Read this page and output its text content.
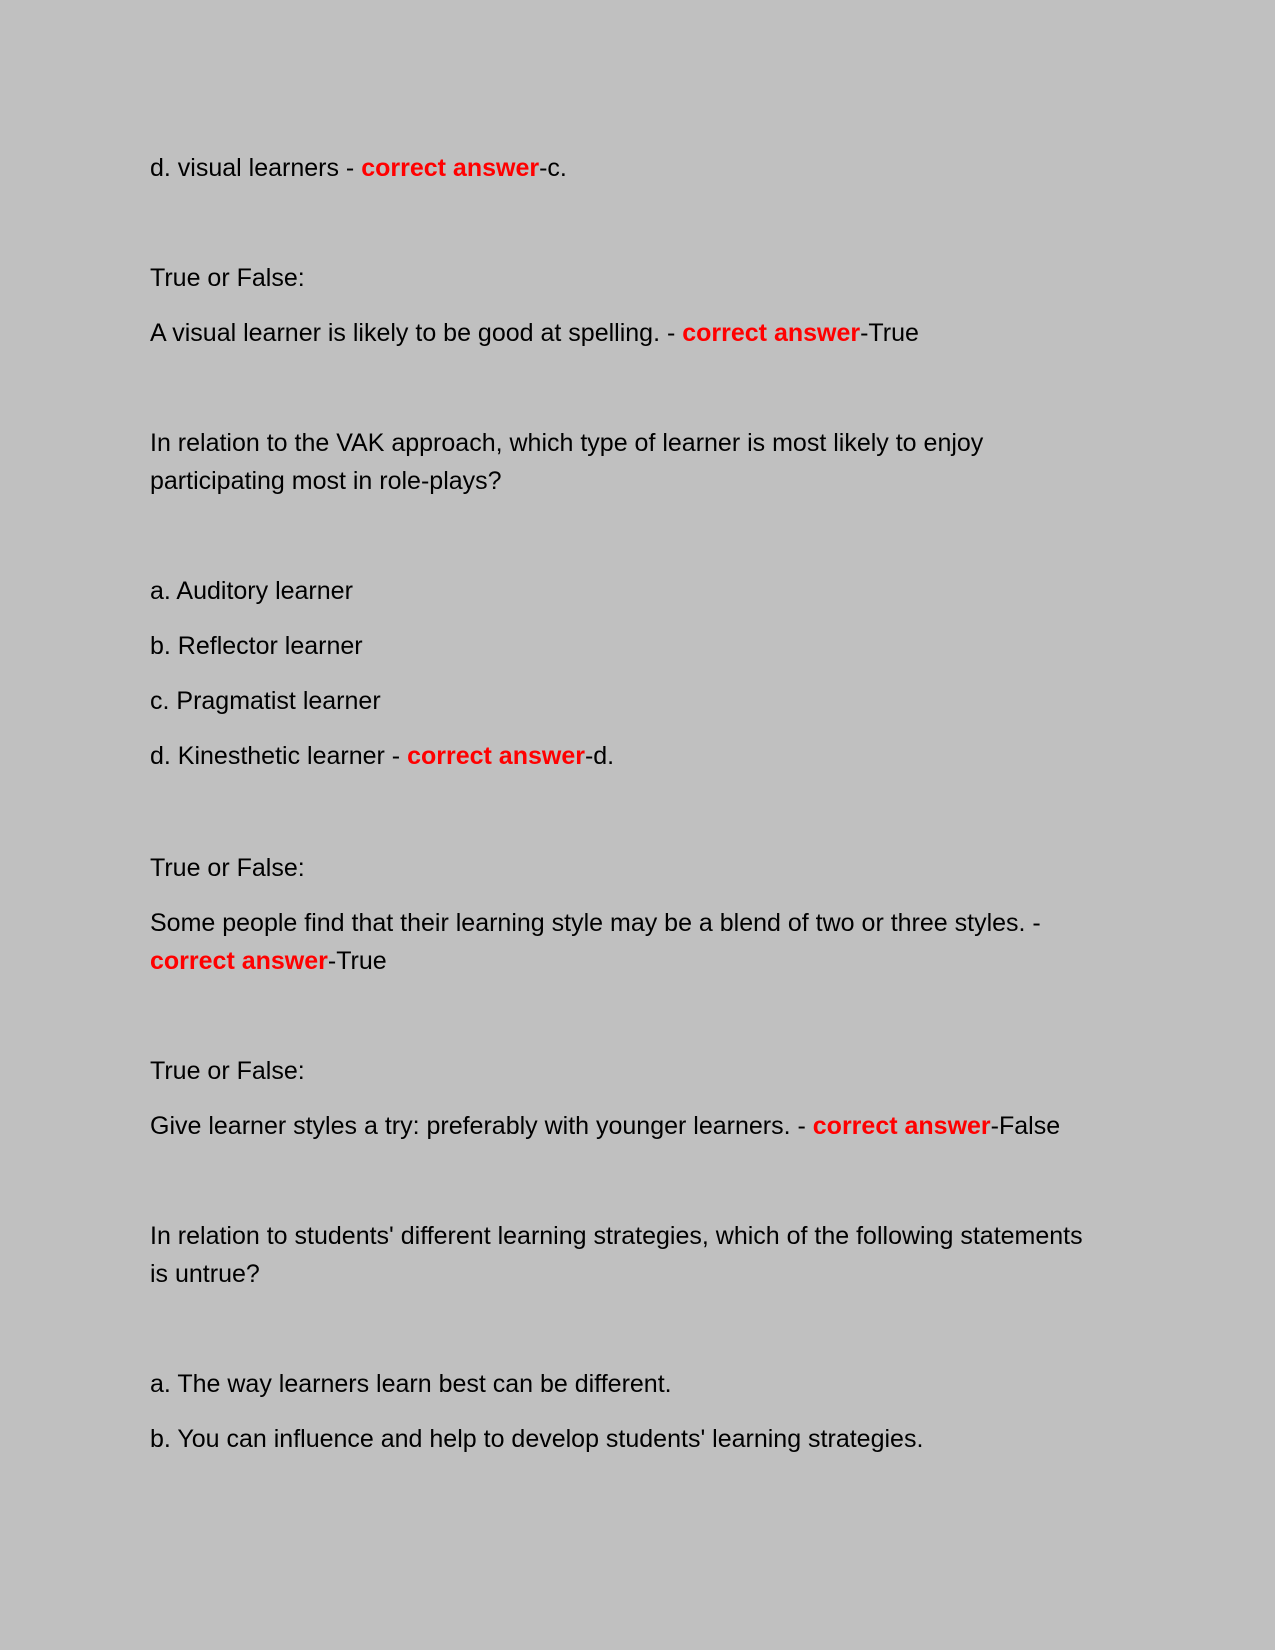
d. visual learners - correct answer-c.
True or False:
A visual learner is likely to be good at spelling. - correct answer-True
In relation to the VAK approach, which type of learner is most likely to enjoy participating most in role-plays?
a. Auditory learner
b. Reflector learner
c. Pragmatist learner
d. Kinesthetic learner - correct answer-d.
True or False:
Some people find that their learning style may be a blend of two or three styles. -
correct answer-True
True or False:
Give learner styles a try: preferably with younger learners. - correct answer-False
In relation to students' different learning strategies, which of the following statements is untrue?
a. The way learners learn best can be different.
b. You can influence and help to develop students' learning strategies.
